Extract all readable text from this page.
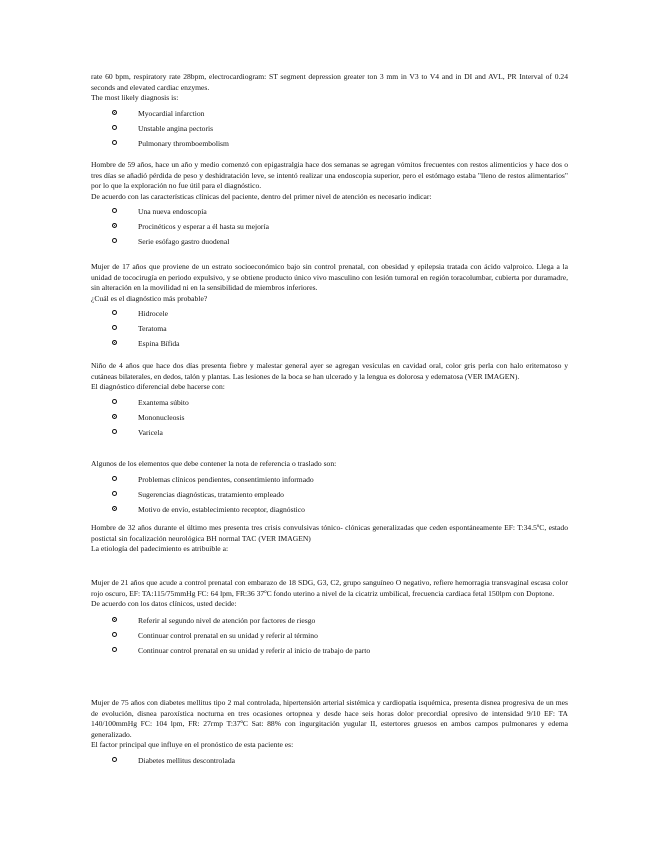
rate 60 bpm, respiratory rate 28bpm, electrocardiogram: ST segment depression greater ton 3 mm in V3 to V4 and in DI and AVL, PR Interval of 0.24 seconds and elevated cardiac enzymes.

The most likely diagnosis is:

Myocardial infarction
Unstable angina pectoris
Pulmonary thromboembolism

Hombre de 59 años, hace un año y medio comenzó con epigastralgia hace dos semanas se agregan vómitos frecuentes con restos alimenticios y hace dos o tres días se añadió pérdida de peso y deshidratación leve, se intentó realizar una endoscopia superior, pero el estómago estaba "lleno de restos alimentarios" por lo que la exploración no fue útil para el diagnóstico.

De acuerdo con las características clínicas del paciente, dentro del primer nivel de atención es necesario indicar:

Una nueva endoscopía
Procinéticos y esperar a él hasta su mejoría
Serie esófago gastro duodenal

Mujer de 17 años que proviene de un estrato socioeconómico bajo sin control prenatal, con obesidad y epilepsia tratada con ácido valproico. Llega a la unidad de tococirugía en periodo expulsivo, y se obtiene producto único vivo masculino con lesión tumoral en región toracolumbar, cubierta por duramadre, sin alteración en la movilidad ni en la sensibilidad de miembros inferiores.

¿Cuál es el diagnóstico más probable?

Hidrocele
Teratoma
Espina Bífida

Niño de 4 años que hace dos días presenta fiebre y malestar general ayer se agregan vesículas en cavidad oral, color gris perla con halo eritematoso y cutáneas bilaterales, en dedos, talón y plantas. Las lesiones de la boca se han ulcerado y la lengua es dolorosa y edematosa (VER IMAGEN).

El diagnóstico diferencial debe hacerse con:

Exantema súbito
Mononucleosis
Varicela

Algunos de los elementos que debe contener la nota de referencia o traslado son:

Problemas clínicos pendientes, consentimiento informado
Sugerencias diagnósticas, tratamiento empleado
Motivo de envío, establecimiento receptor, diagnóstico

Hombre de 32 años durante el último mes presenta tres crisis convulsivas tónico- clónicas generalizadas que ceden espontáneamente EF: T:34.5ºC, estado postictal sin focalización neurológica BH normal TAC (VER IMAGEN)

La etiología del padecimiento es atribuible a:

Mujer de 21 años que acude a control prenatal con embarazo de 18 SDG, G3, C2, grupo sanguíneo O negativo, refiere hemorragia transvaginal escasa color rojo oscuro, EF: TA:115/75mmHg FC: 64 lpm, FR:36 37ºC fondo uterino a nivel de la cicatriz umbilical, frecuencia cardiaca fetal 150lpm con Doptone.

De acuerdo con los datos clínicos, usted decide:

Referir al segundo nivel de atención por factores de riesgo
Continuar control prenatal en su unidad y referir al término
Continuar control prenatal en su unidad y referir al inicio de trabajo de parto

Mujer de 75 años con diabetes mellitus tipo 2 mal controlada, hipertensión arterial sistémica y cardiopatía isquémica, presenta disnea progresiva de un mes de evolución, disnea paroxística nocturna en tres ocasiones ortopnea y desde hace seis horas dolor precordial opresivo de intensidad 9/10 EF: TA 140/100mmHg FC: 104 lpm, FR: 27rmp T:37ºC Sat: 88% con ingurgitación yugular II, estertores gruesos en ambos campos pulmonares y edema generalizado.

El factor principal que influye en el pronóstico de esta paciente es:

Diabetes mellitus descontrolada
